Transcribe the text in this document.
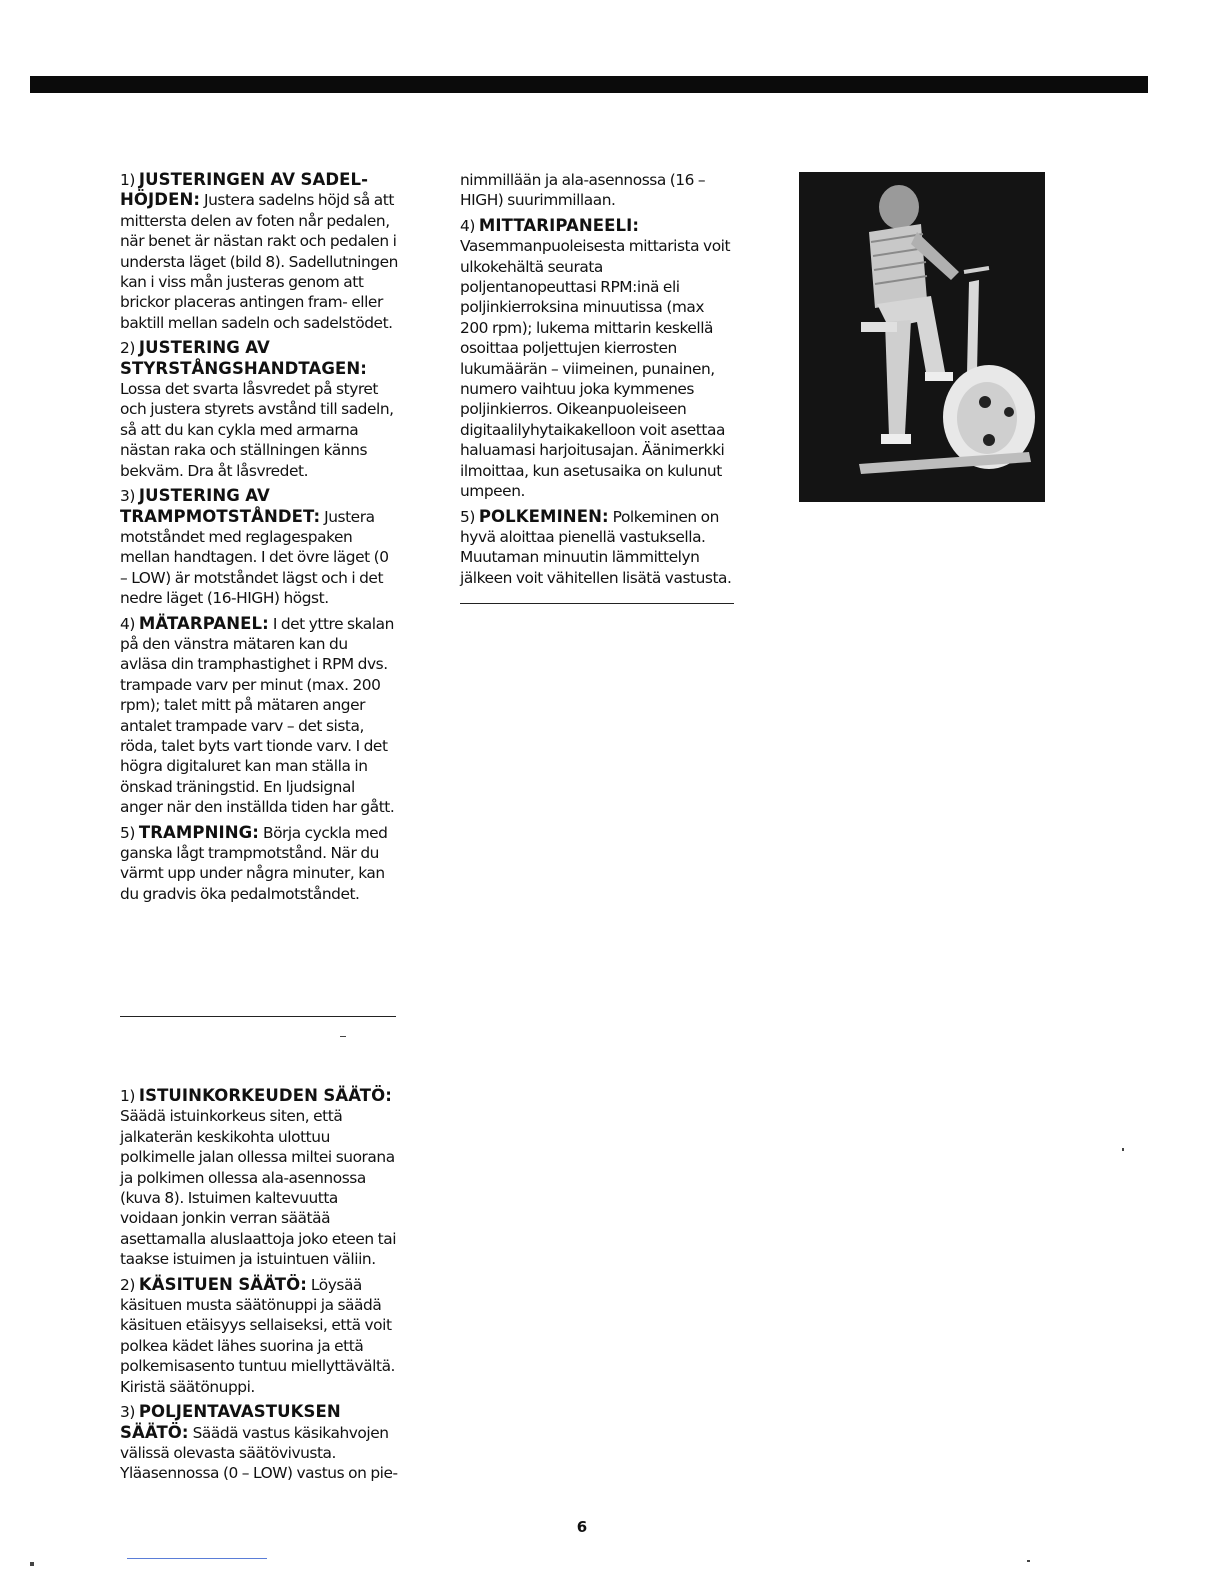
1) JUSTERINGEN AV SADEL-HÖJDEN: Justera sadelns höjd så att mittersta delen av foten når pedalen, när benet är nästan rakt och pedalen i understa läget (bild 8). Sadellutningen kan i viss mån justeras genom att brickor placeras antingen fram- eller baktill mellan sadeln och sadelstödet.

2) JUSTERING AV STYRSTÅNGSHANDTAGEN: Lossa det svarta låsvredet på styret och justera styrets avstånd till sadeln, så att du kan cykla med armarna nästan raka och ställningen känns bekväm. Dra åt låsvredet.

3) JUSTERING AV TRAMPMOTSTÅNDET: Justera motståndet med reglagespaken mellan handtagen. I det övre läget (0 – LOW) är motståndet lägst och i det nedre läget (16-HIGH) högst.

4) MÄTARPANEL: I det yttre skalan på den vänstra mätaren kan du avläsa din tramphastighet i RPM dvs. trampade varv per minut (max. 200 rpm); talet mitt på mätaren anger antalet trampade varv – det sista, röda, talet byts vart tionde varv. I det högra digitaluret kan man ställa in önskad träningstid. En ljudsignal anger när den inställda tiden har gått.

5) TRAMPNING: Börja cyckla med ganska lågt trampmotstånd. När du värmt upp under några minuter, kan du gradvis öka pedalmotståndet.

1) ISTUINKORKEUDEN SÄÄTÖ: Säädä istuinkorkeus siten, että jalkaterän keskikohta ulottuu polkimelle jalan ollessa miltei suorana ja polkimen ollessa ala-asennossa (kuva 8). Istuimen kaltevuutta voidaan jonkin verran säätää asettamalla aluslaattoja joko eteen tai taakse istuimen ja istuintuen väliin.

2) KÄSITUEN SÄÄTÖ: Löysää käsituen musta säätönuppi ja säädä käsituen etäisyys sellaiseksi, että voit polkea kädet lähes suorina ja että polkemisasento tuntuu miellyttävältä. Kiristä säätönuppi.

3) POLJENTAVASTUKSEN SÄÄTÖ: Säädä vastus käsikahvojen välissä olevasta säätövivusta. Yläasennossa (0 – LOW) vastus on pie-

nimmillään ja ala-asennossa (16 – HIGH) suurimmillaan.

4) MITTARIPANEELI: Vasemmanpuoleisesta mittarista voit ulkokehältä seurata poljentanopeuttasi RPM:inä eli poljinkierroksina minuutissa (max 200 rpm); lukema mittarin keskellä osoittaa poljettujen kierrosten lukumäärän – viimeinen, punainen, numero vaihtuu joka kymmenes poljinkierros. Oikeanpuoleiseen digitaalilyhytaikakelloon voit asettaa haluamasi harjoitusajan. Äänimerkki ilmoittaa, kun asetusaika on kulunut umpeen.

5) POLKEMINEN: Polkeminen on hyvä aloittaa pienellä vastuksella. Muutaman minuutin lämmittelyn jälkeen voit vähitellen lisätä vastusta.

6
